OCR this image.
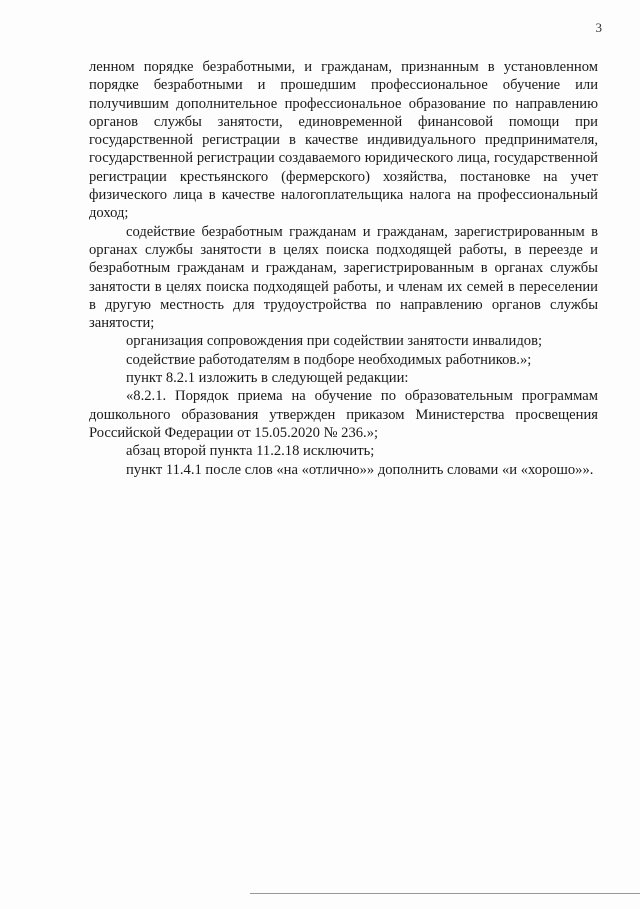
3

ленном порядке безработными, и гражданам, признанным в установленном порядке безработными и прошедшим профессиональное обучение или получившим дополнительное профессиональное образование по направлению органов службы занятости, единовременной финансовой помощи при государственной регистрации в качестве индивидуального предпринимателя, государственной регистрации создаваемого юридического лица, государственной регистрации крестьянского (фермерского) хозяйства, постановке на учет физического лица в качестве налогоплательщика налога на профессиональный доход;

содействие безработным гражданам и гражданам, зарегистрированным в органах службы занятости в целях поиска подходящей работы, в переезде и безработным гражданам и гражданам, зарегистрированным в органах службы занятости в целях поиска подходящей работы, и членам их семей в переселении в другую местность для трудоустройства по направлению органов службы занятости;

организация сопровождения при содействии занятости инвалидов;

содействие работодателям в подборе необходимых работников.»;

пункт 8.2.1 изложить в следующей редакции:

«8.2.1. Порядок приема на обучение по образовательным программам дошкольного образования утвержден приказом Министерства просвещения Российской Федерации от 15.05.2020 № 236.»;

абзац второй пункта 11.2.18 исключить;

пункт 11.4.1 после слов «на «отлично»» дополнить словами «и «хорошо»».
